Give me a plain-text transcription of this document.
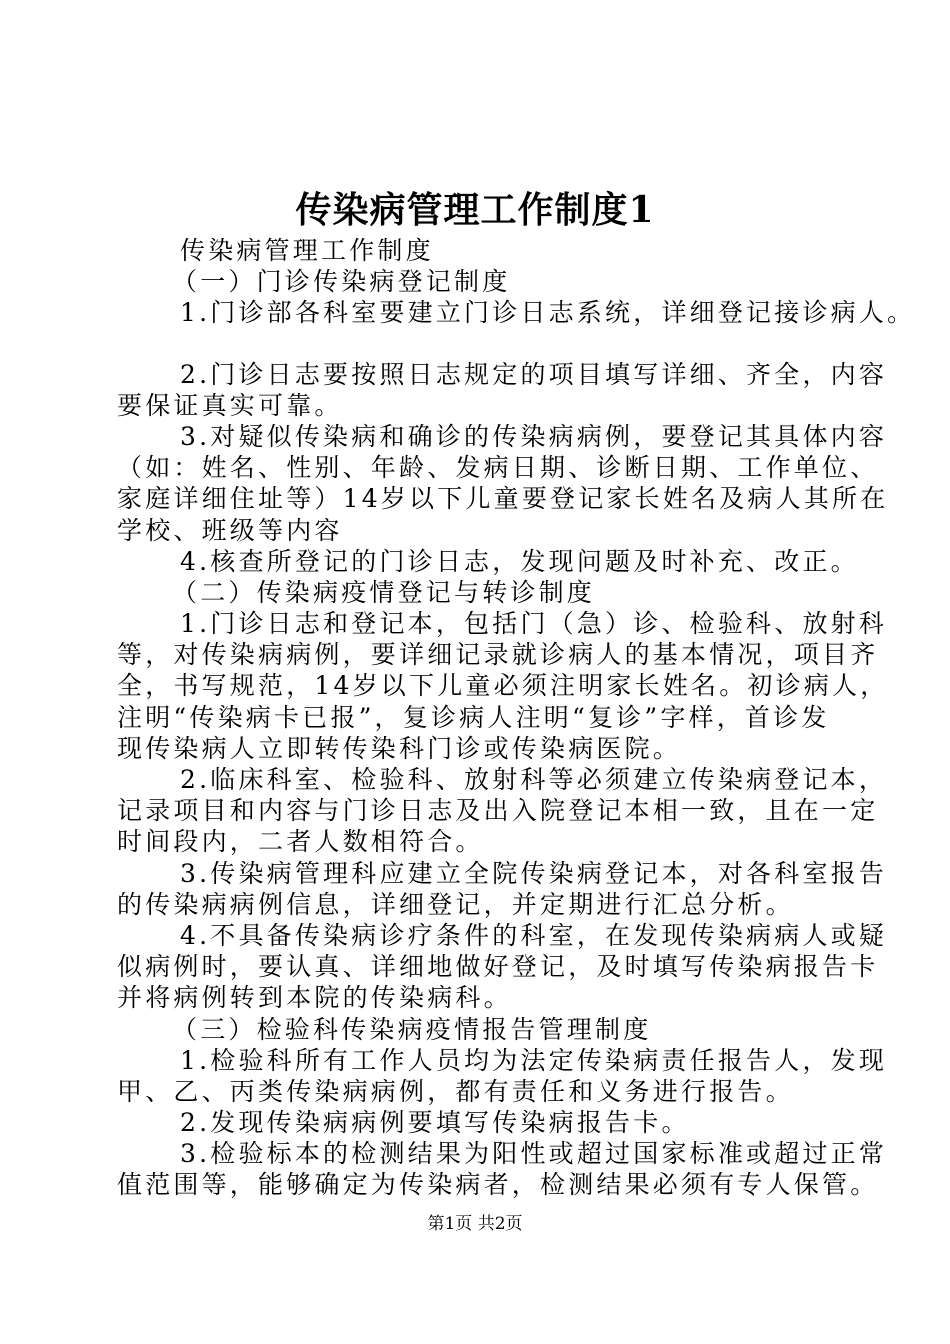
传染病管理工作制度1
传染病管理工作制度
（一）门诊传染病登记制度
1.门诊部各科室要建立门诊日志系统，详细登记接诊病人。
2.门诊日志要按照日志规定的项目填写详细、齐全，内容
要保证真实可靠。
3.对疑似传染病和确诊的传染病病例，要登记其具体内容
（如：姓名、性别、年龄、发病日期、诊断日期、工作单位、
家庭详细住址等）14岁以下儿童要登记家长姓名及病人其所在
学校、班级等内容
4.核查所登记的门诊日志，发现问题及时补充、改正。
（二）传染病疫情登记与转诊制度
1.门诊日志和登记本，包括门（急）诊、检验科、放射科
等，对传染病病例，要详细记录就诊病人的基本情况，项目齐
全，书写规范，14岁以下儿童必须注明家长姓名。初诊病人，
注明“传染病卡已报”，复诊病人注明“复诊”字样，首诊发
现传染病人立即转传染科门诊或传染病医院。
2.临床科室、检验科、放射科等必须建立传染病登记本，
记录项目和内容与门诊日志及出入院登记本相一致，且在一定
时间段内，二者人数相符合。
3.传染病管理科应建立全院传染病登记本，对各科室报告
的传染病病例信息，详细登记，并定期进行汇总分析。
4.不具备传染病诊疗条件的科室，在发现传染病病人或疑
似病例时，要认真、详细地做好登记，及时填写传染病报告卡
并将病例转到本院的传染病科。
（三）检验科传染病疫情报告管理制度
1.检验科所有工作人员均为法定传染病责任报告人，发现
甲、乙、丙类传染病病例，都有责任和义务进行报告。
2.发现传染病病例要填写传染病报告卡。
3.检验标本的检测结果为阳性或超过国家标准或超过正常
值范围等，能够确定为传染病者，检测结果必须有专人保管。
第1页 共2页
